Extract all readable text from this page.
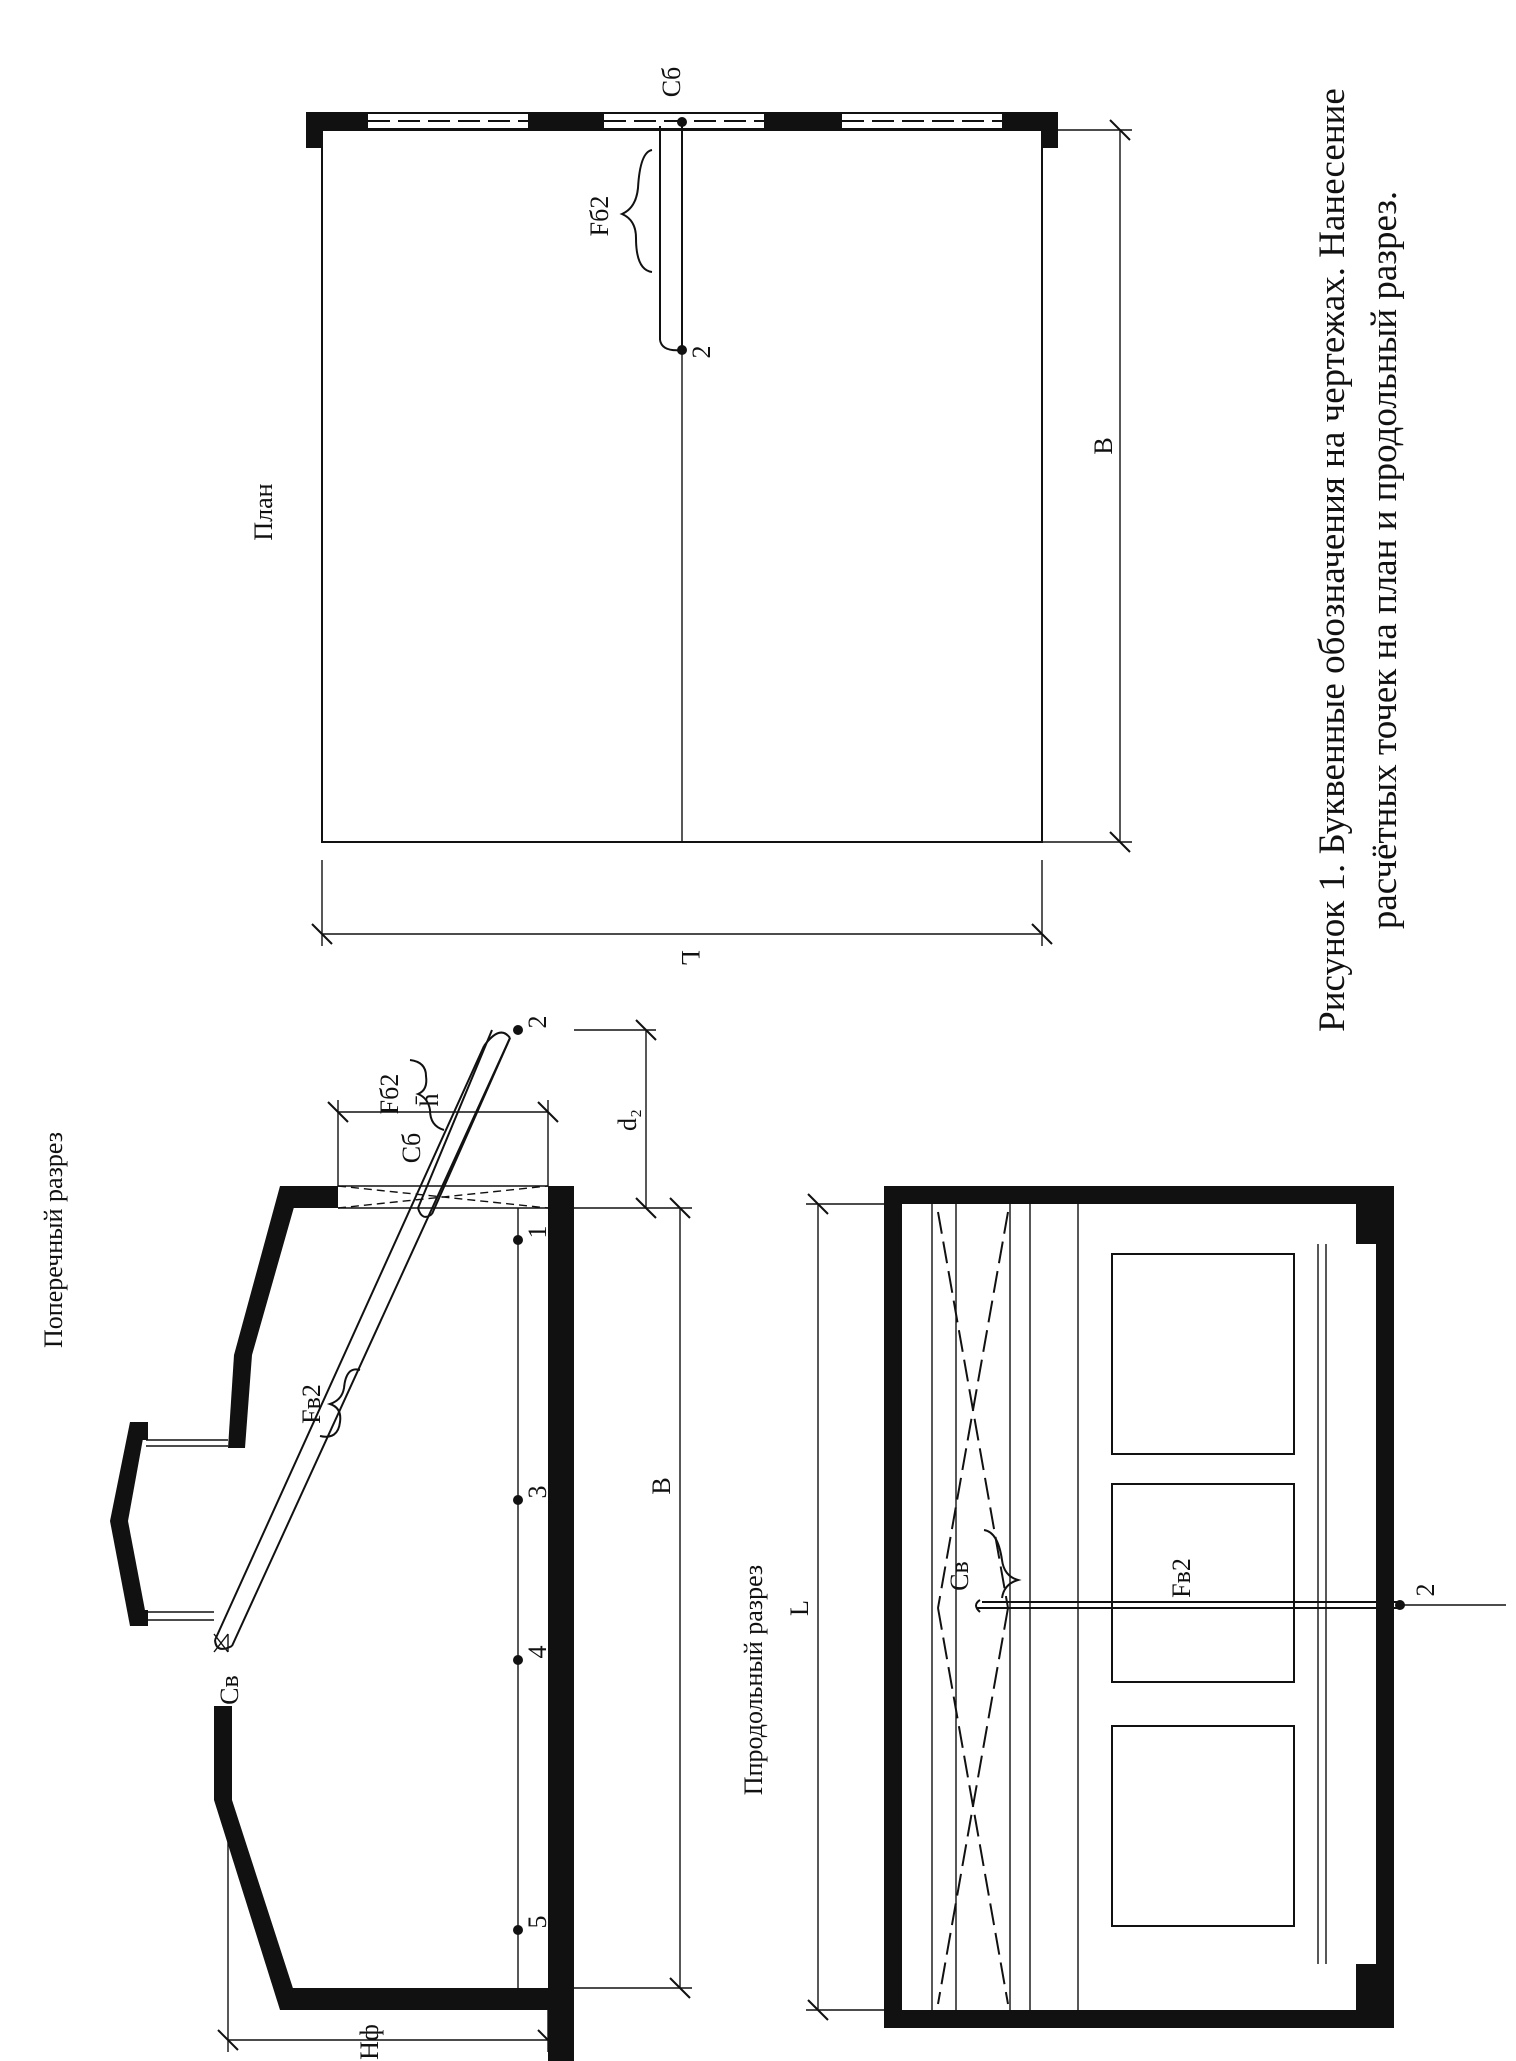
Поперечный разрез
Fв2
Fб2
Cв
Cб
1
2
3
4
5
B
d₂
h̄
Hф
Ппродольный разрез	2
Fв2
Cв
L
План
Fб2
Cб
2
B
L	Рисунок 1. Буквенные обозначения на чертежах. Нанесение расчётных точек на план и продольный разрез.
